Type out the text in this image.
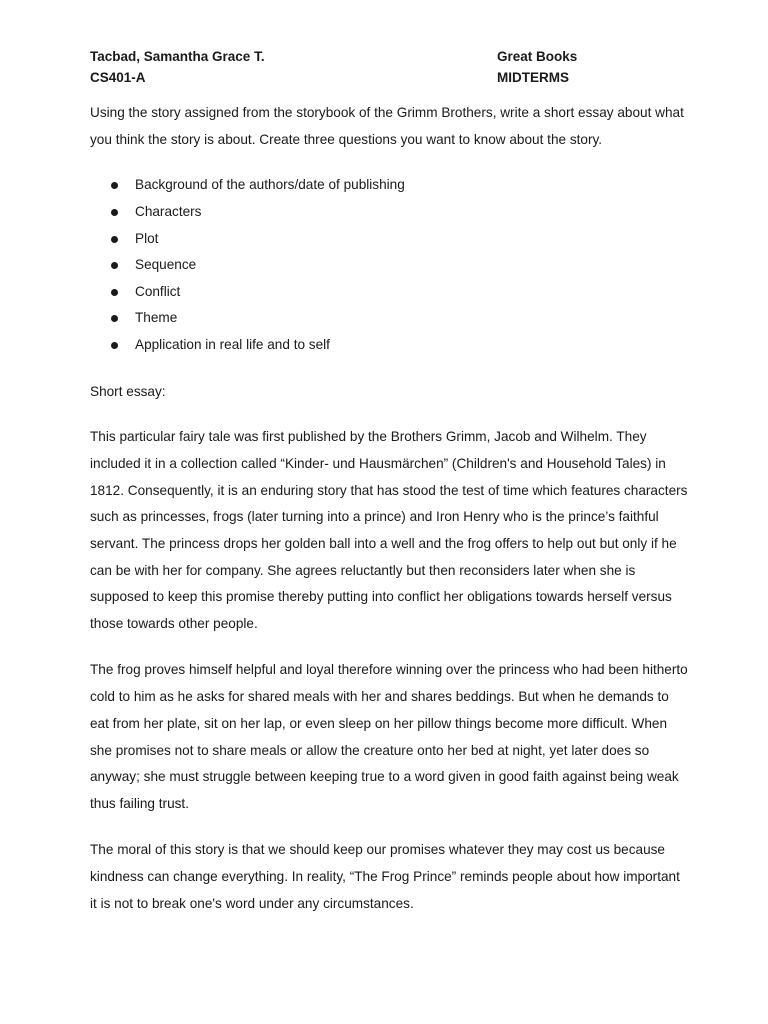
Tacbad, Samantha Grace T.
CS401-A
Great Books
MIDTERMS

Using the story assigned from the storybook of the Grimm Brothers, write a short essay about what you think the story is about. Create three questions you want to know about the story.

Background of the authors/date of publishing
Characters
Plot
Sequence
Conflict
Theme
Application in real life and to self

Short essay:

This particular fairy tale was first published by the Brothers Grimm, Jacob and Wilhelm. They included it in a collection called “Kinder- und Hausmärchen” (Children's and Household Tales) in 1812. Consequently, it is an enduring story that has stood the test of time which features characters such as princesses, frogs (later turning into a prince) and Iron Henry who is the prince’s faithful servant. The princess drops her golden ball into a well and the frog offers to help out but only if he can be with her for company. She agrees reluctantly but then reconsiders later when she is supposed to keep this promise thereby putting into conflict her obligations towards herself versus those towards other people.

The frog proves himself helpful and loyal therefore winning over the princess who had been hitherto cold to him as he asks for shared meals with her and shares beddings. But when he demands to eat from her plate, sit on her lap, or even sleep on her pillow things become more difficult. When she promises not to share meals or allow the creature onto her bed at night, yet later does so anyway; she must struggle between keeping true to a word given in good faith against being weak thus failing trust.

The moral of this story is that we should keep our promises whatever they may cost us because kindness can change everything. In reality, “The Frog Prince” reminds people about how important it is not to break one's word under any circumstances.
